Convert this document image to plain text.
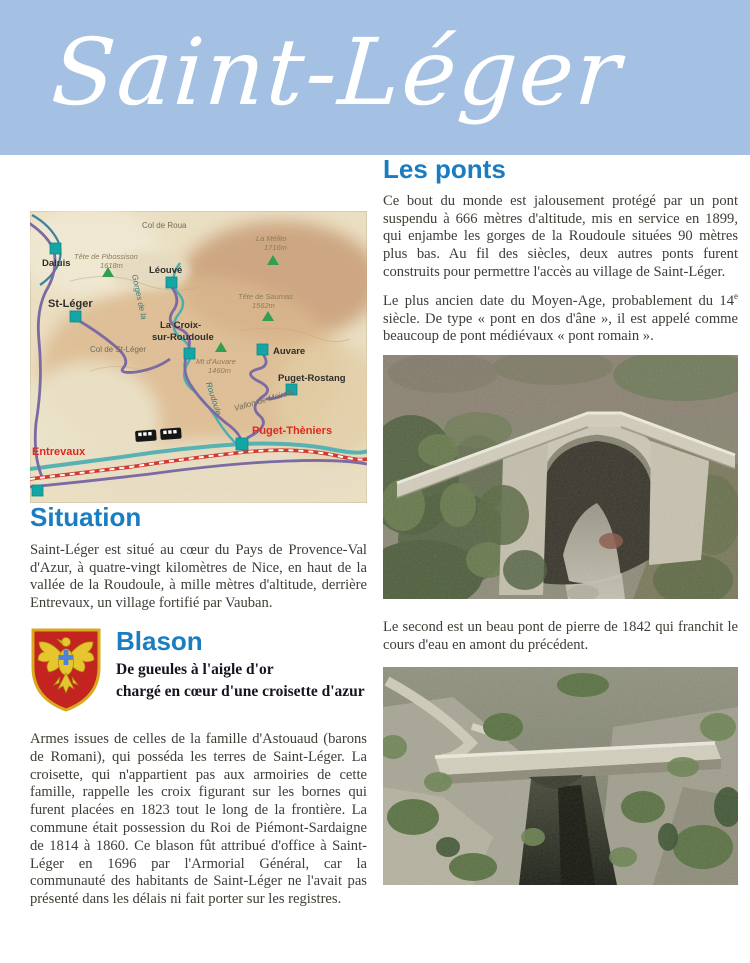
Saint-Léger
Situation

Saint-Léger est situé au cœur du Pays de Provence-Val d'Azur, à quatre-vingt kilomètres de Nice, en haut de la vallée de la Roudoule, à mille mètres d'altitude, derrière Entrevaux, un village fortifié par Vauban.

Blason

De gueules à l'aigle d'or

chargé en cœur d'une croisette d'azur

Armes issues de celles de la famille d'Astouaud (barons de Romani), qui posséda les terres de Saint-Léger. La croisette, qui n'appartient pas aux armoiries de cette famille, rappelle les croix figurant sur les bornes qui furent placées en 1823 tout le long de la frontière. La commune était possession du Roi de Piémont-Sardaigne de 1814 à 1860. Ce blason fût attribué d'office à Saint-Léger en 1696 par l'Armorial Général, car la communauté des habitants de Saint-Léger ne l'avait pas présenté dans les délais ni fait porter sur les registres.

Les ponts

Ce bout du monde est jalousement protégé par un pont suspendu à 666 mètres d'altitude, mis en service en 1899, qui enjambe les gorges de la Roudoule situées 90 mètres plus bas. Au fil des siècles, deux autres ponts furent construits pour permettre l'accès au village de Saint-Léger.

Le plus ancien date du Moyen-Age, probablement du 14e siècle. De type « pont en dos d'âne », il est appelé comme beaucoup de pont médiévaux « pont romain ».

Le second est un beau pont de pierre de 1842 qui franchit le cours d'eau en amont du précédent.
